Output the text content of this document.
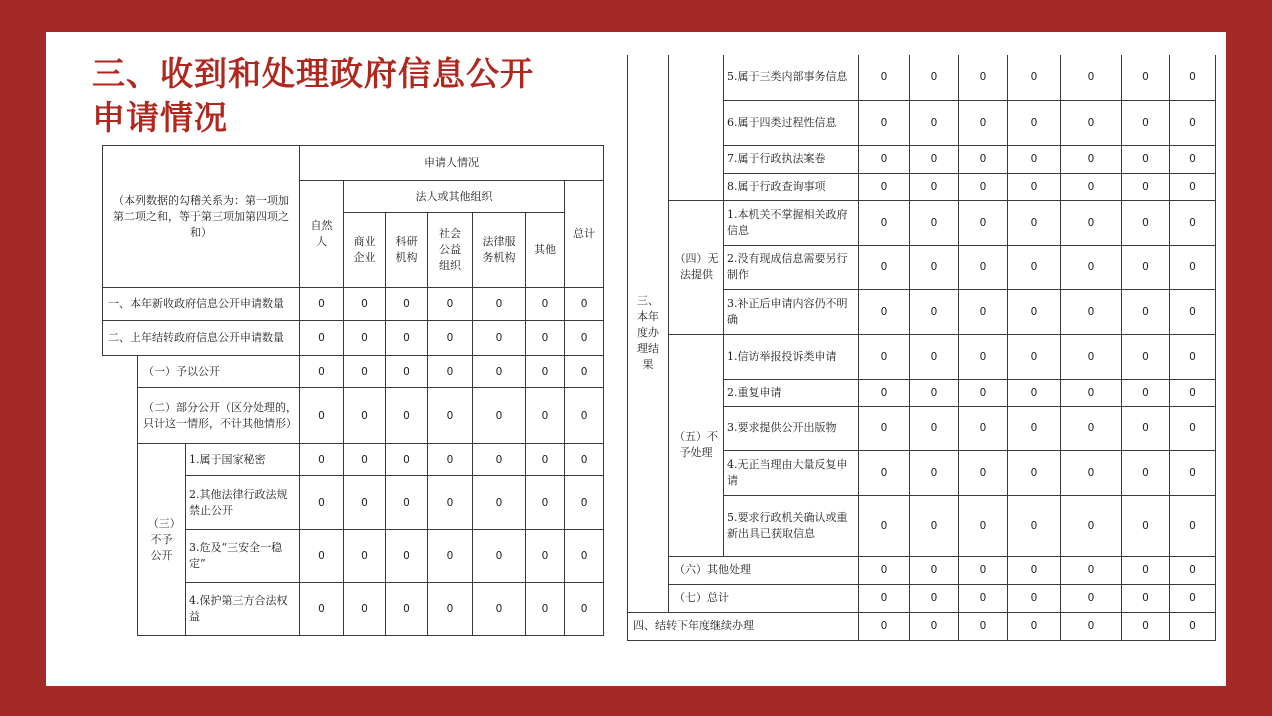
三、收到和处理政府信息公开
申请情况
（本列数据的勾稽关系为：第一项加第二项之和，等于第三项加第四项之和）			申请人情况						
			自然人	法人或其他组织					总计
				商业企业	科研机构	社会公益组织	法律服务机构	其他	
一、本年新收政府信息公开申请数量			0	0	0	0	0	0	0
二、上年结转政府信息公开申请数量			0	0	0	0	0	0	0
	（一）予以公开		0	0	0	0	0	0	0
	（二）部分公开（区分处理的，只计这一情形，不计其他情形）		0	0	0	0	0	0	0
	（三）不予公开	1.属于国家秘密	0	0	0	0	0	0	0
		2.其他法律行政法规禁止公开	0	0	0	0	0	0	0
		3.危及“三安全一稳定”	0	0	0	0	0	0	0
		4.保护第三方合法权益	0	0	0	0	0	0	0
三、本年度办理结果		5.属于三类内部事务信息	0	0	0	0	0	0	0
		6.属于四类过程性信息	0	0	0	0	0	0	0
		7.属于行政执法案卷	0	0	0	0	0	0	0
		8.属于行政查询事项	0	0	0	0	0	0	0
	（四）无法提供	1.本机关不掌握相关政府信息	0	0	0	0	0	0	0
		2.没有现成信息需要另行制作	0	0	0	0	0	0	0
		3.补正后申请内容仍不明确	0	0	0	0	0	0	0
	（五）不予处理	1.信访举报投诉类申请	0	0	0	0	0	0	0
		2.重复申请	0	0	0	0	0	0	0
		3.要求提供公开出版物	0	0	0	0	0	0	0
		4.无正当理由大量反复申请	0	0	0	0	0	0	0
		5.要求行政机关确认或重新出具已获取信息	0	0	0	0	0	0	0
	（六）其他处理		0	0	0	0	0	0	0
	（七）总计		0	0	0	0	0	0	0
四、结转下年度继续办理			0	0	0	0	0	0	0
